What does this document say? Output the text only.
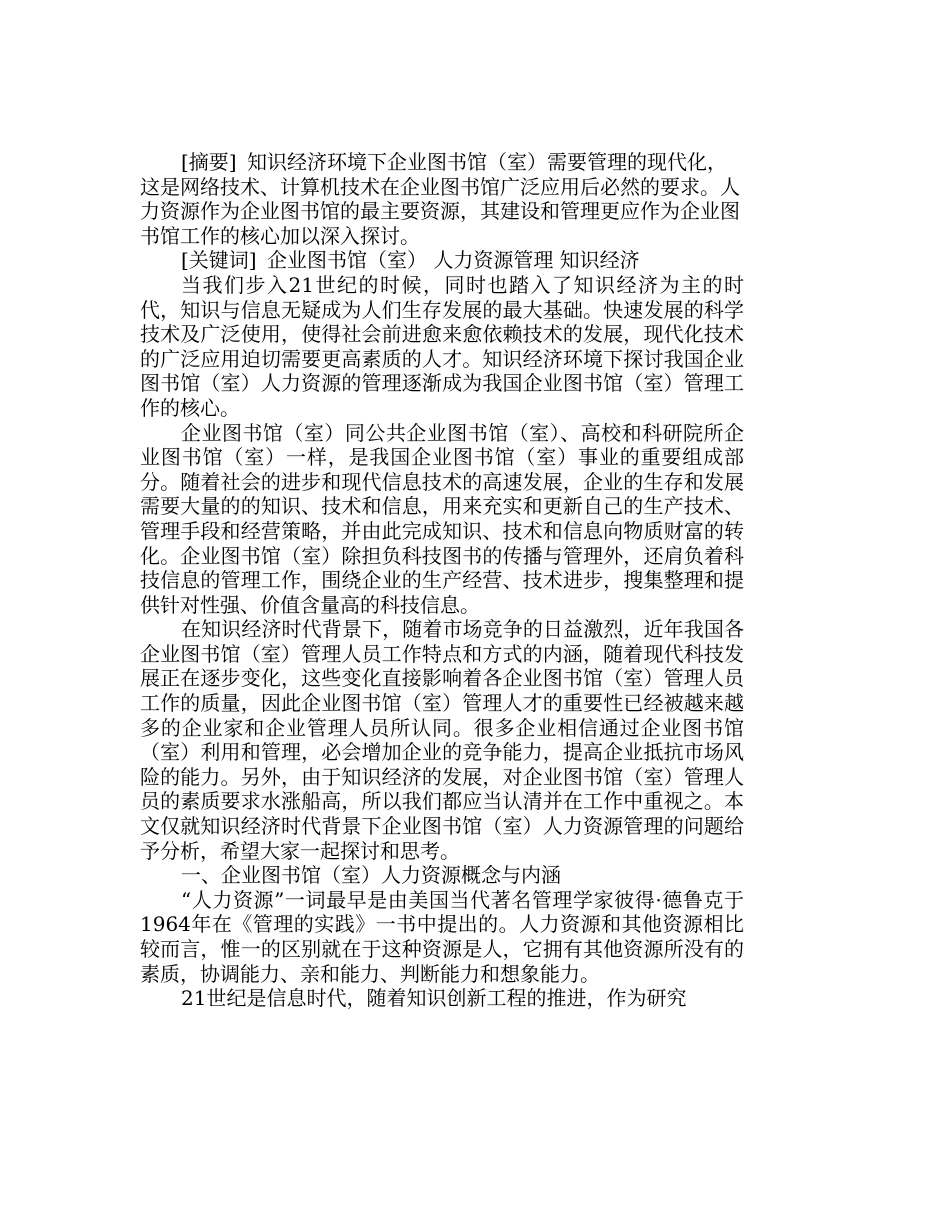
[摘要] 知识经济环境下企业图书馆（室）需要管理的现代化，这是网络技术、计算机技术在企业图书馆广泛应用后必然的要求。人力资源作为企业图书馆的最主要资源，其建设和管理更应作为企业图书馆工作的核心加以深入探讨。

[关键词] 企业图书馆（室） 人力资源管理 知识经济

当我们步入21世纪的时候，同时也踏入了知识经济为主的时代，知识与信息无疑成为人们生存发展的最大基础。快速发展的科学技术及广泛使用，使得社会前进愈来愈依赖技术的发展，现代化技术的广泛应用迫切需要更高素质的人才。知识经济环境下探讨我国企业图书馆（室）人力资源的管理逐渐成为我国企业图书馆（室）管理工作的核心。

企业图书馆（室）同公共企业图书馆（室）、高校和科研院所企业图书馆（室）一样，是我国企业图书馆（室）事业的重要组成部分。随着社会的进步和现代信息技术的高速发展，企业的生存和发展需要大量的的知识、技术和信息，用来充实和更新自己的生产技术、管理手段和经营策略，并由此完成知识、技术和信息向物质财富的转化。企业图书馆（室）除担负科技图书的传播与管理外，还肩负着科技信息的管理工作，围绕企业的生产经营、技术进步，搜集整理和提供针对性强、价值含量高的科技信息。

在知识经济时代背景下，随着市场竞争的日益激烈，近年我国各企业图书馆（室）管理人员工作特点和方式的内涵，随着现代科技发展正在逐步变化，这些变化直接影响着各企业图书馆（室）管理人员工作的质量，因此企业图书馆（室）管理人才的重要性已经被越来越多的企业家和企业管理人员所认同。很多企业相信通过企业图书馆（室）利用和管理，必会增加企业的竞争能力，提高企业抵抗市场风险的能力。另外，由于知识经济的发展，对企业图书馆（室）管理人员的素质要求水涨船高，所以我们都应当认清并在工作中重视之。本文仅就知识经济时代背景下企业图书馆（室）人力资源管理的问题给予分析，希望大家一起探讨和思考。

一、企业图书馆（室）人力资源概念与内涵

“人力资源”一词最早是由美国当代著名管理学家彼得·德鲁克于1964年在《管理的实践》一书中提出的。人力资源和其他资源相比较而言，惟一的区别就在于这种资源是人，它拥有其他资源所没有的素质，协调能力、亲和能力、判断能力和想象能力。

21世纪是信息时代，随着知识创新工程的推进，作为研究
